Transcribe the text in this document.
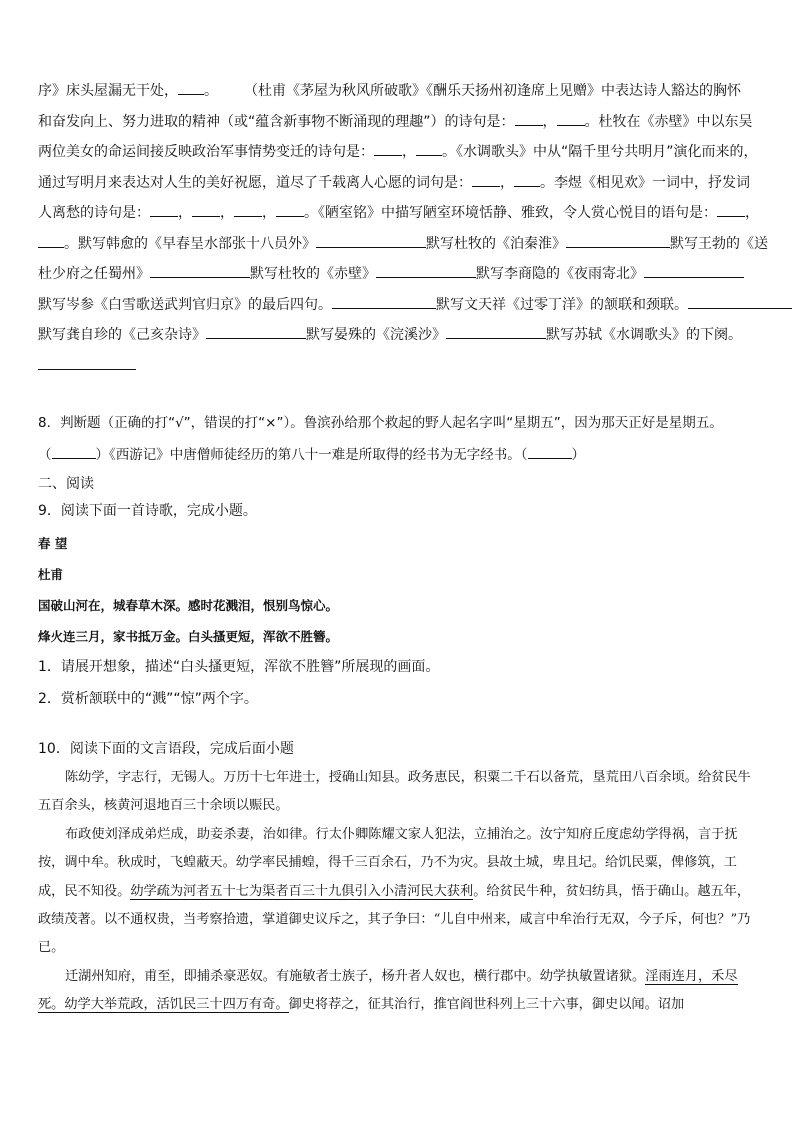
序》床头屋漏无干处， 。 （杜甫《茅屋为秋风所破歌》《酬乐天扬州初逢席上见赠》中表达诗人豁达的胸怀
和奋发向上、努力进取的精神（或“蕴含新事物不断涌现的理趣”）的诗句是： ， 。杜牧在《赤壁》中以东吴
两位美女的命运间接反映政治军事情势变迁的诗句是： ， 。《水调歌头》中从“隔千里兮共明月”演化而来的，
通过写明月来表达对人生的美好祝愿，道尽了千载离人心愿的词句是： ， 。李煜《相见欢》一词中，抒发词
人离愁的诗句是： ， ， ， 。《陋室铭》中描写陋室环境恬静、雅致，令人赏心悦目的语句是： ，
。默写韩愈的《早春呈水部张十八员外》	默写杜牧的《泊秦淮》	默写王勃的《送
杜少府之任蜀州》	默写杜牧的《赤壁》	默写李商隐的《夜雨寄北》
默写岑参《白雪歌送武判官归京》的最后四句。	默写文天祥《过零丁洋》的颔联和颈联。
默写龚自珍的《己亥杂诗》	默写晏殊的《浣溪沙》	默写苏轼《水调歌头》的下阕。
8．判断题（正确的打“√”，错误的打“×”）。鲁滨孙给那个救起的野人起名字叫“星期五”，因为那天正好是星期五。
（	）《西游记》中唐僧师徒经历的第八十一难是所取得的经书为无字经书。（	）
二、阅读
9．阅读下面一首诗歌，完成小题。
春 望
杜甫
国破山河在，城春草木深。感时花溅泪，恨别鸟惊心。
烽火连三月，家书抵万金。白头搔更短，浑欲不胜簪。
1．请展开想象，描述“白头搔更短，浑欲不胜簪”所展现的画面。
2．赏析颔联中的“溅”“惊”两个字。
10．阅读下面的文言语段，完成后面小题

陈幼学，字志行，无锡人。万历十七年进士，授确山知县。政务恵民，积粟二千石以备荒，垦荒田八百余顷。给贫民牛五百余头，核黄河退地百三十余顷以赈民。

布政使刘泽成弟烂成，助妾杀妻，治如律。行太仆卿陈耀文家人犯法，立捕治之。汝宁知府丘度虑幼学得祸，言于抚按，调中牟。秋成时，飞蝗蔽天。幼学率民捕蝗，得千三百余石，乃不为灾。县故土城，卑且圮。给饥民粟，俾修筑，工成，民不知役。幼学疏为河者五十七为渠者百三十九俱引入小清河民大获利。给贫民牛种，贫妇纺具，悟于确山。越五年，政绩茂著。以不通权贵，当考察拾遗，掌道御史议斥之，其子争曰：“儿自中州来，咸言中牟治行无双，今子斥，何也？”乃已。

迁湖州知府，甫至，即捕杀豪恶奴。有施敏者士族子，杨升者人奴也，横行郡中。幼学执敏置诸狱。淫雨连月，禾尽死。幼学大举荒政，活饥民三十四万有奇。御史将荐之，征其治行，推官阎世科列上三十六事，御史以闻。诏加
